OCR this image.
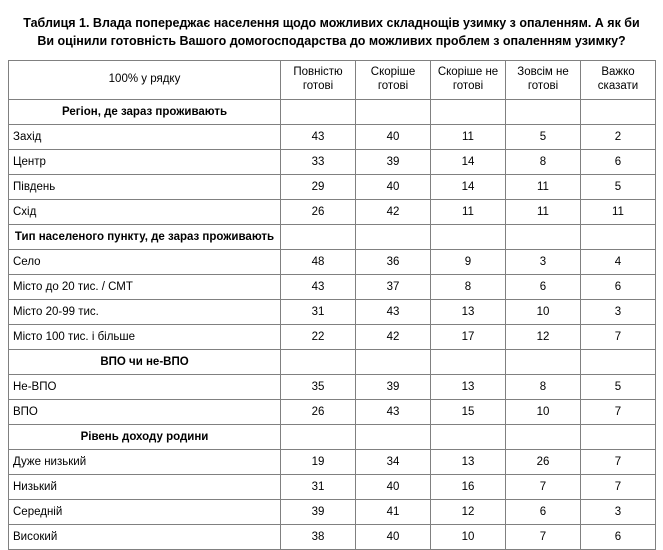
Таблиця 1. Влада попереджає населення щодо можливих складнощів узимку з опаленням. А як би Ви оцінили готовність Вашого домогосподарства до можливих проблем з опаленням узимку?
100% у рядку	Повністю готові	Скоріше готові	Скоріше не готові	Зовсім не готові	Важко сказати
Регіон, де зараз проживають					
Захід	43	40	11	5	2
Центр	33	39	14	8	6
Південь	29	40	14	11	5
Схід	26	42	11	11	11
Тип населеного пункту, де зараз проживають					
Село	48	36	9	3	4
Місто до 20 тис. / СМТ	43	37	8	6	6
Місто 20-99 тис.	31	43	13	10	3
Місто 100 тис. і більше	22	42	17	12	7
ВПО чи не-ВПО					
Не-ВПО	35	39	13	8	5
ВПО	26	43	15	10	7
Рівень доходу родини					
Дуже низький	19	34	13	26	7
Низький	31	40	16	7	7
Середній	39	41	12	6	3
Високий	38	40	10	7	6
